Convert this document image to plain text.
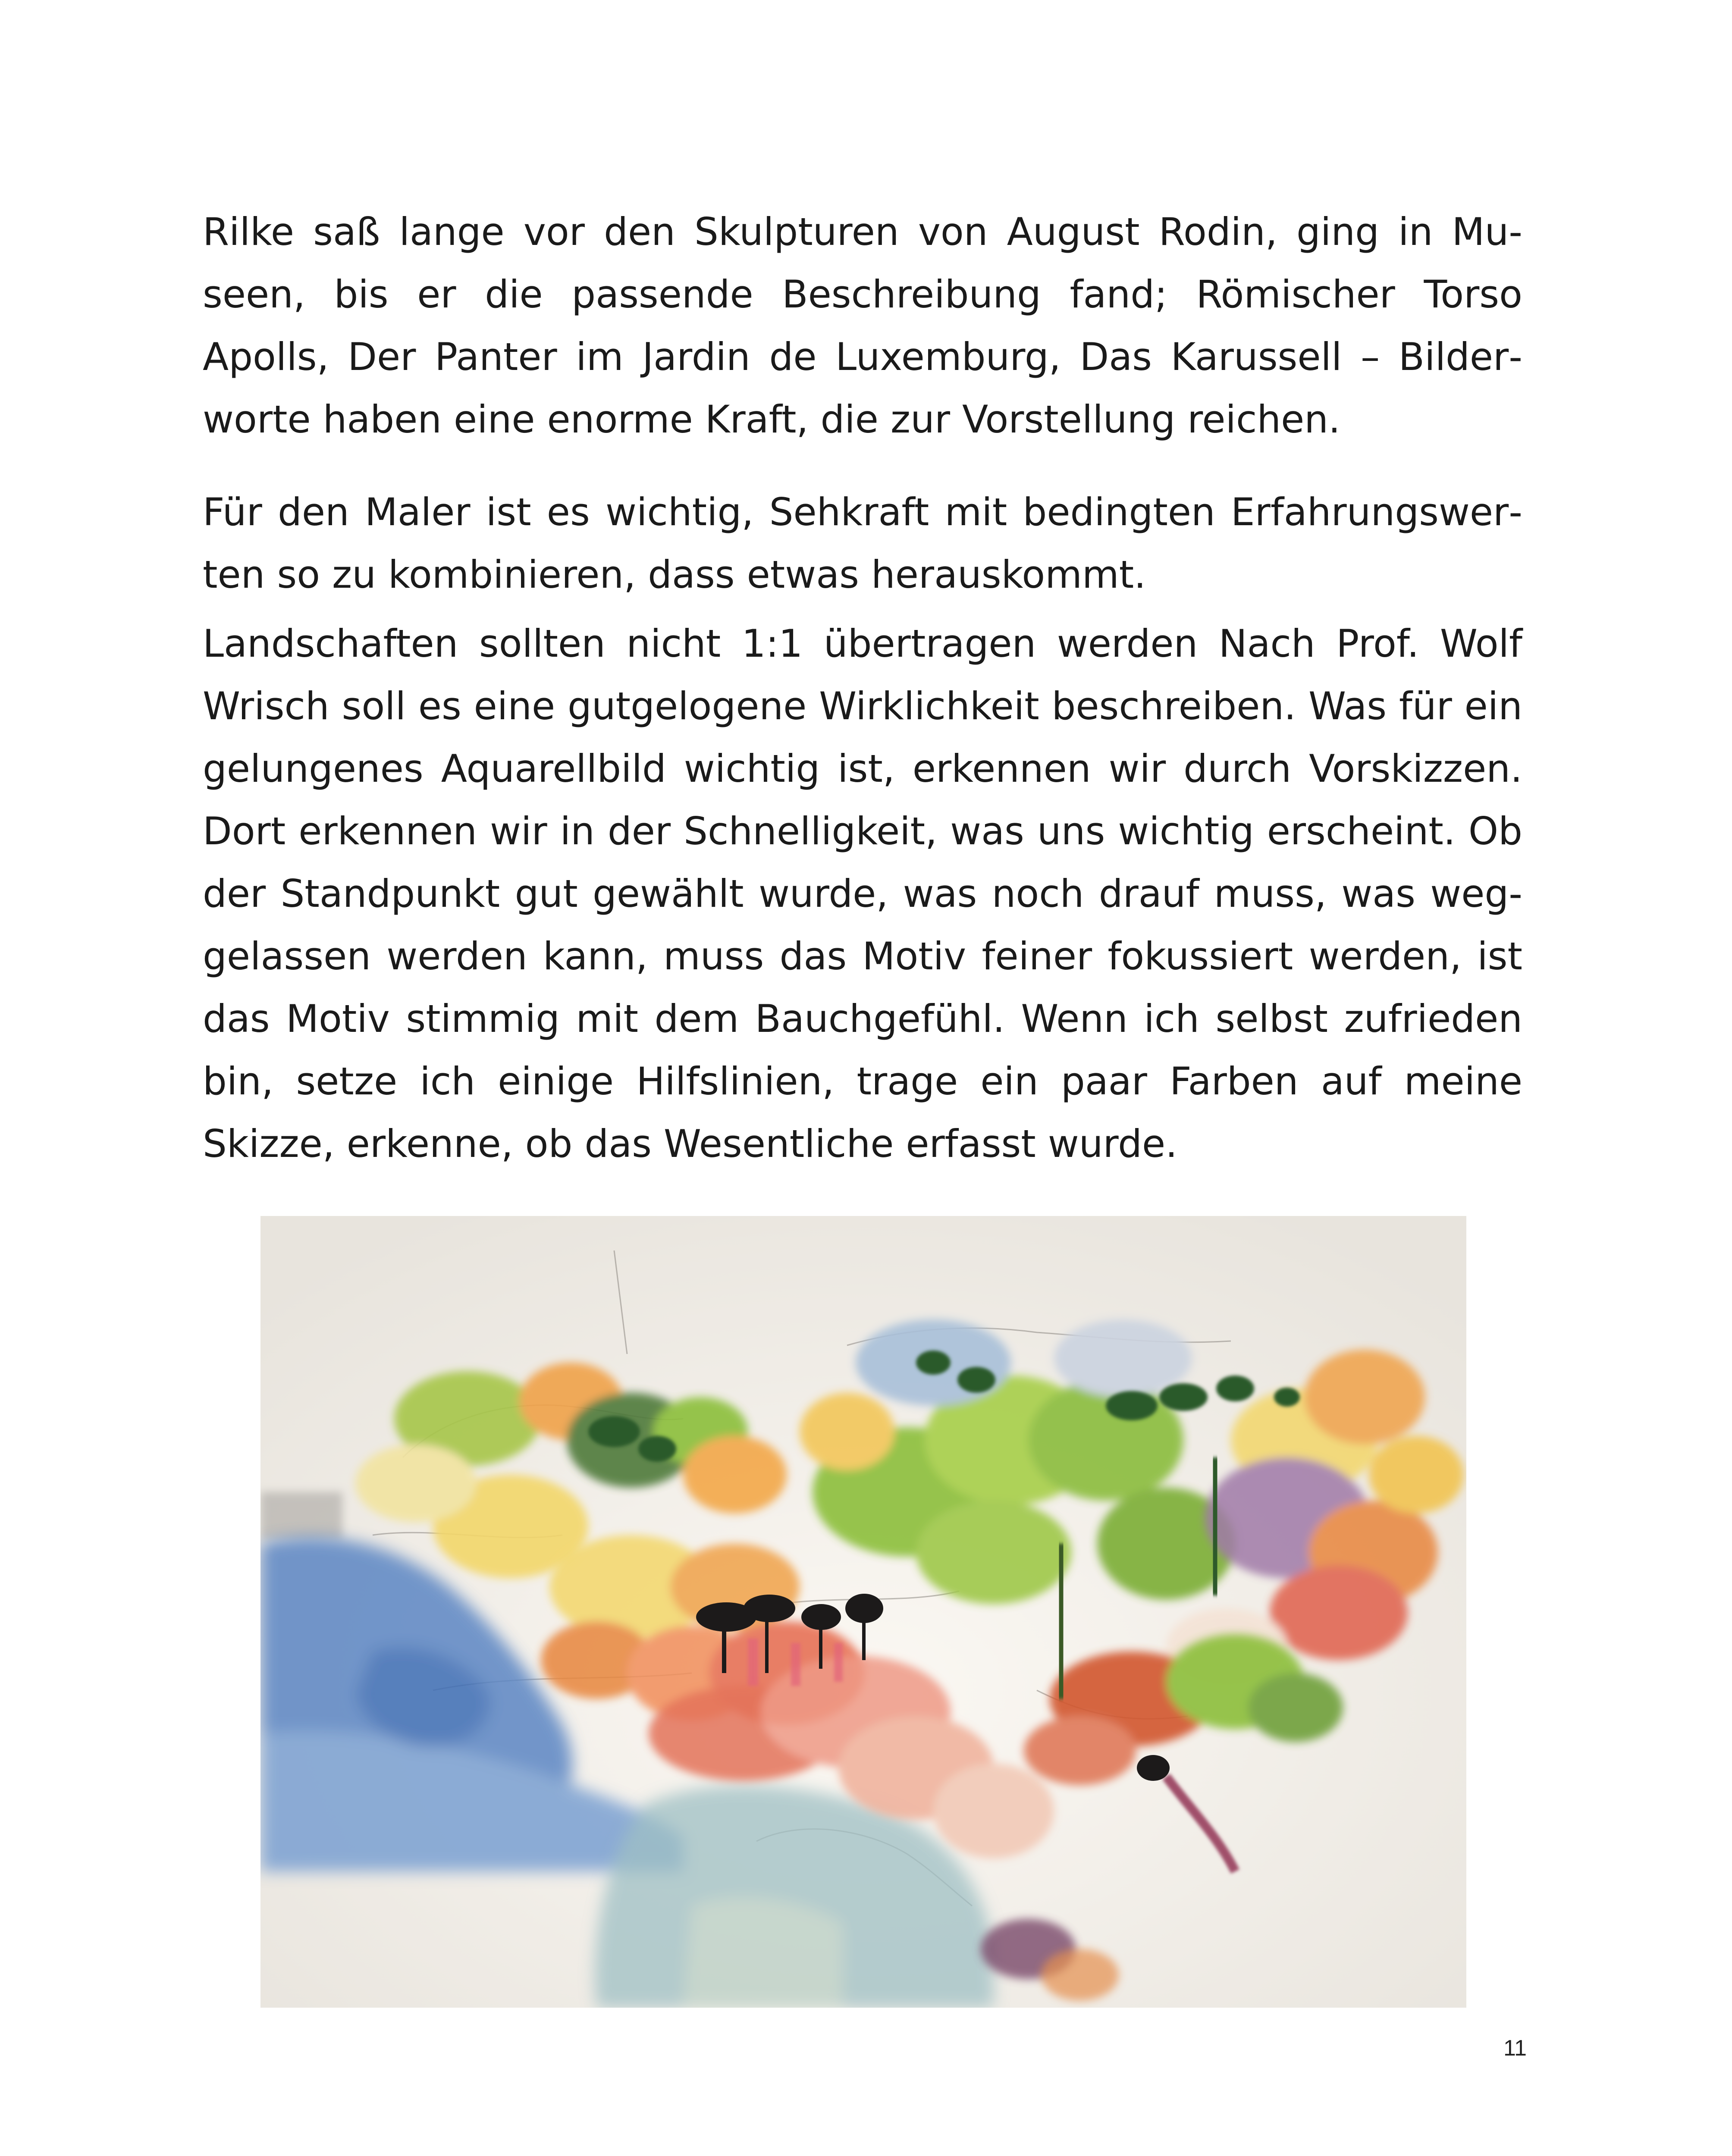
Rilke saß lange vor den Skulpturen von August Rodin, ging in Museen, bis er die passende Beschreibung fand; Römischer Torso Apolls, Der Panter im Jardin de Luxemburg, Das Karussell – Bilderworte haben eine enorme Kraft, die zur Vorstellung reichen.

Für den Maler ist es wichtig, Sehkraft mit bedingten Erfahrungswerten so zu kombinieren, dass etwas herauskommt.

Landschaften sollten nicht 1:1 übertragen werden Nach Prof. Wolf Wrisch soll es eine gutgelogene Wirklichkeit beschreiben. Was für ein gelungenes Aquarellbild wichtig ist, erkennen wir durch Vorskizzen. Dort erkennen wir in der Schnelligkeit, was uns wichtig erscheint. Ob der Standpunkt gut gewählt wurde, was noch drauf muss, was weggelassen werden kann, muss das Motiv feiner fokussiert werden, ist das Motiv stimmig mit dem Bauchgefühl. Wenn ich selbst zufrieden bin, setze ich einige Hilfslinien, trage ein paar Farben auf meine Skizze, erkenne, ob das Wesentliche erfasst wurde.

11
